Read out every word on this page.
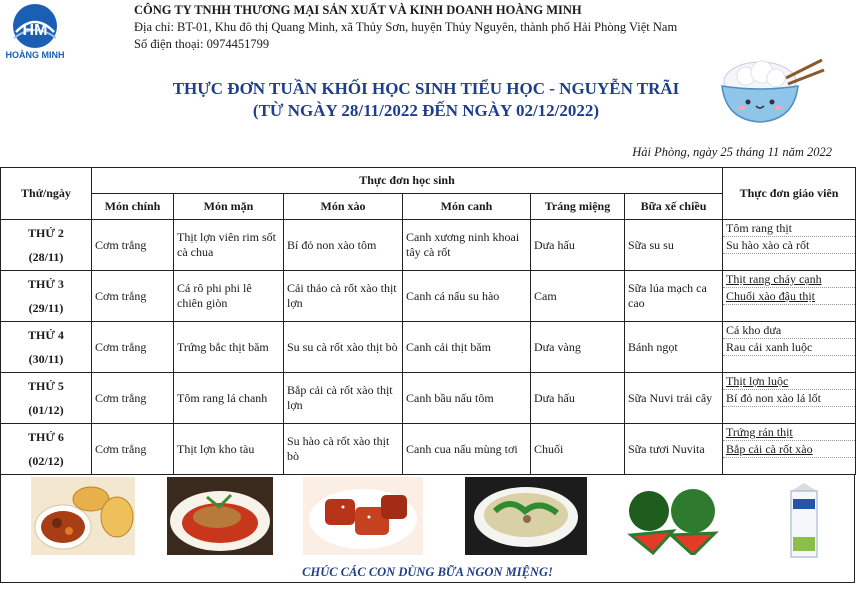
HM
HOÀNG MINH
CÔNG TY TNHH THƯƠNG MẠI SẢN XUẤT VÀ KINH DOANH HOÀNG MINH
Địa chỉ: BT-01, Khu đô thị Quang Minh, xã Thủy Sơn, huyện Thủy Nguyên, thành phố Hải Phòng Việt Nam
Số điện thoại: 0974451799
THỰC ĐƠN TUẦN KHỐI HỌC SINH TIỂU HỌC - NGUYỄN TRÃI
(TỪ NGÀY 28/11/2022 ĐẾN NGÀY 02/12/2022)
Hải Phòng, ngày 25 tháng 11 năm 2022
Thứ/ngày	Thực đơn học sinh						Thực đơn giáo viên
	Món chính	Món mặn	Món xào	Món canh	Tráng miệng	Bữa xế chiều	

THỨ 2
(28/11)	Cơm trắng	Thịt lợn viên rim sốt cà chua	Bí đỏ non xào tôm	Canh xương ninh khoai tây cà rốt	Dưa hấu	Sữa su su	Tôm rang thịt
Su hào xào cà rốt

THỨ 3
(29/11)	Cơm trắng	Cá rô phi phi lê chiên giòn	Cải thảo cà rốt xào thịt lợn	Canh cá nấu su hào	Cam	Sữa lúa mạch ca cao	Thịt rang cháy cạnh
Chuối xào đậu thịt

THỨ 4
(30/11)	Cơm trắng	Trứng bắc thịt băm	Su su cà rốt xào thịt bò	Canh cải thịt băm	Dưa vàng	Bánh ngọt	Cá kho dưa
Rau cải xanh luộc

THỨ 5
(01/12)	Cơm trắng	Tôm rang lá chanh	Bắp cải cà rốt xào thịt lợn	Canh bầu nấu tôm	Dưa hấu	Sữa Nuvi trái cây	Thịt lợn luộc
Bí đỏ non xào lá lốt

THỨ 6
(02/12)	Cơm trắng	Thịt lợn kho tàu	Su hào cà rốt xào thịt bò	Canh cua nấu mùng tơi	Chuối	Sữa tươi Nuvita	Trứng rán thịt
Bắp cải cà rốt xào
CHÚC CÁC CON DÙNG BỮA NGON MIỆNG!
